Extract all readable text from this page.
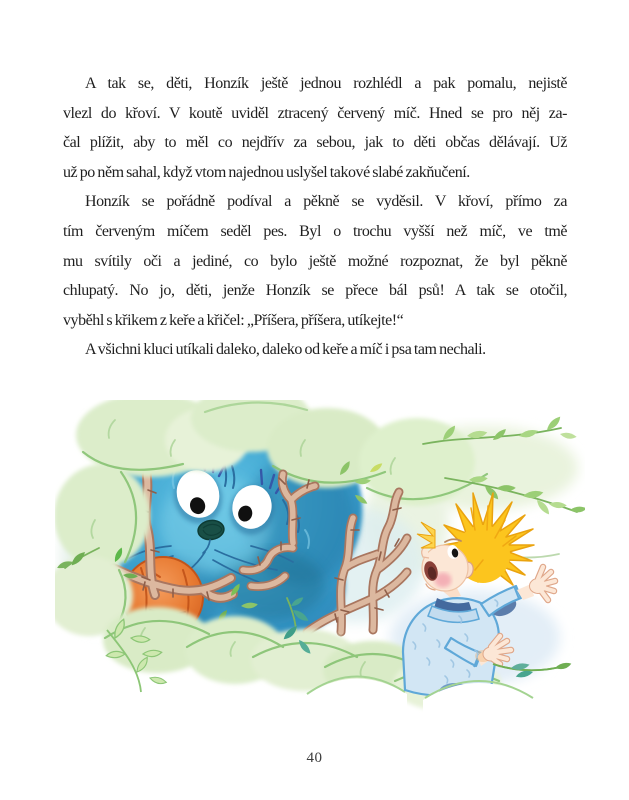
A tak se, děti, Honzík ještě jednou rozhlédl a pak pomalu, nejistě
vlezl do křoví. V koutě uviděl ztracený červený míč. Hned se pro něj za-
čal plížit, aby to měl co nejdřív za sebou, jak to děti občas dělávají. Už
už po něm sahal, když vtom najednou uslyšel takové slabé zakňučení.
Honzík se pořádně podíval a pěkně se vyděsil. V křoví, přímo za
tím červeným míčem seděl pes. Byl o trochu vyšší než míč, ve tmě
mu svítily oči a jediné, co bylo ještě možné rozpoznat, že byl pěkně
chlupatý. No jo, děti, jenže Honzík se přece bál psů! A tak se otočil,
vyběhl s křikem z keře a křičel: „Příšera, příšera, utíkejte!“
A všichni kluci utíkali daleko, daleko od keře a míč i psa tam nechali.
40
